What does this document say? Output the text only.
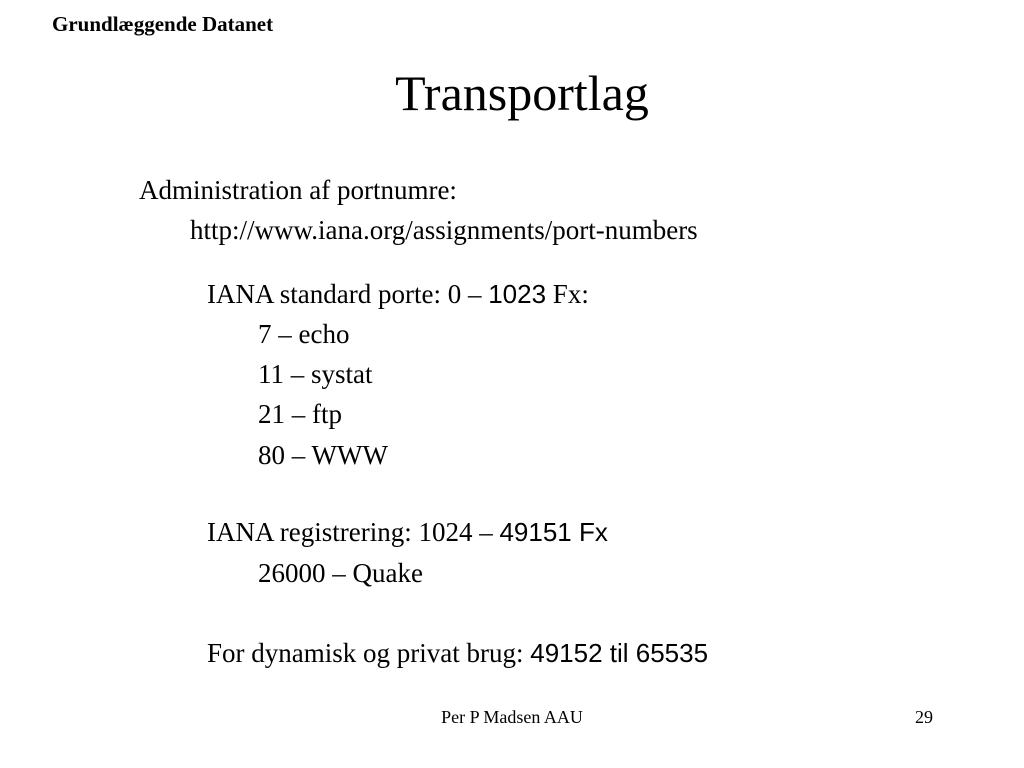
Grundlæggende Datanet
Transportlag
Administration af portnumre:
http://www.iana.org/assignments/port-numbers
IANA standard porte: 0 – 1023 Fx:
7 – echo
11 – systat
21 – ftp
80 – WWW
IANA registrering: 1024 – 49151 Fx
26000 – Quake
For dynamisk og privat brug: 49152 til 65535
Per P Madsen AAU	29
